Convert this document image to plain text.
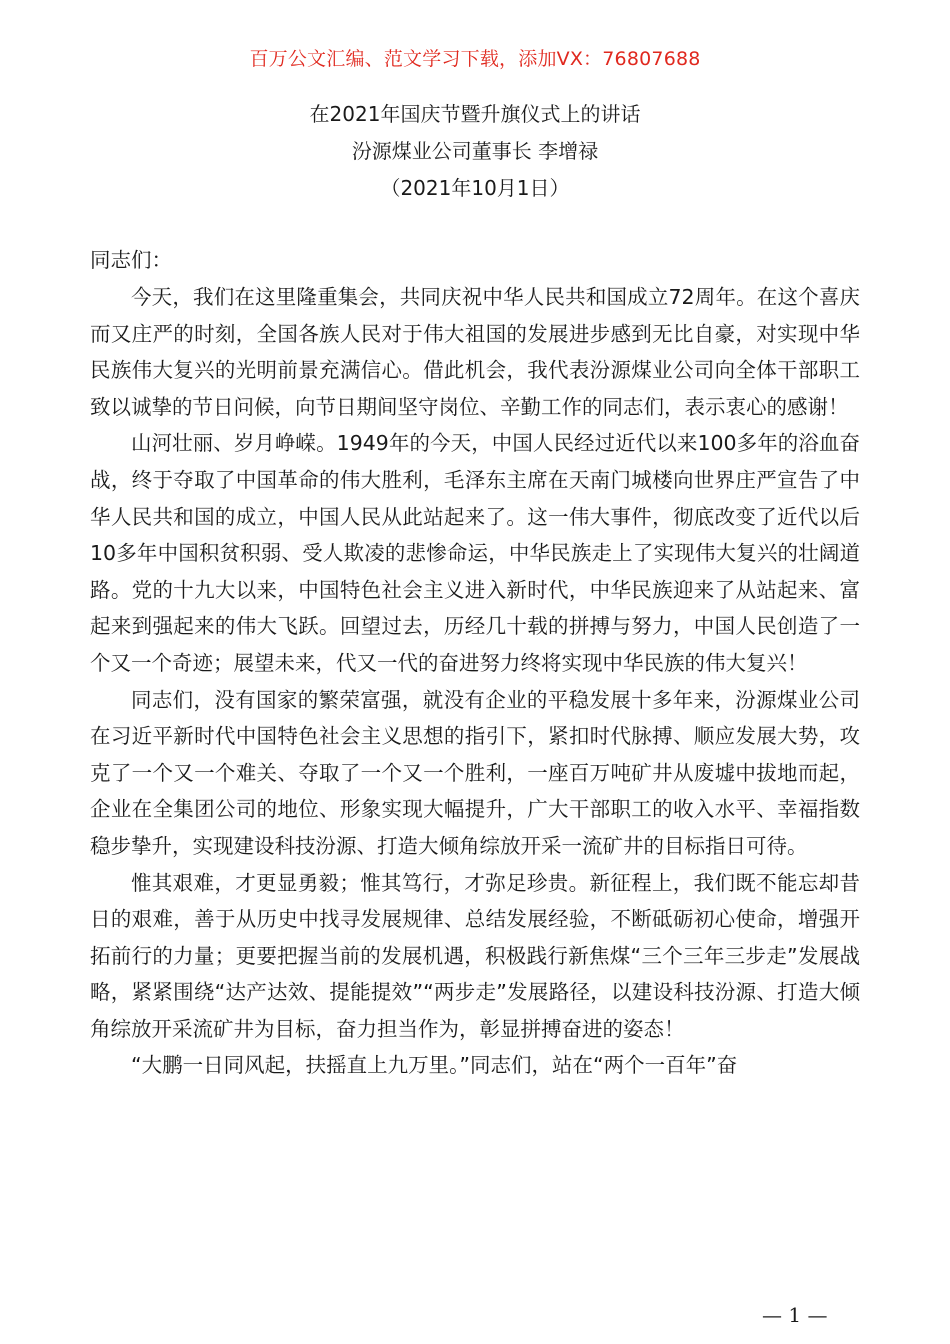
百万公文汇编、范文学习下载，添加VX：76807688
在2021年国庆节暨升旗仪式上的讲话
汾源煤业公司董事长 李增禄
（2021年10月1日）
同志们：

今天，我们在这里隆重集会，共同庆祝中华人民共和国成立72周年。在这个喜庆而又庄严的时刻，全国各族人民对于伟大祖国的发展进步感到无比自豪，对实现中华民族伟大复兴的光明前景充满信心。借此机会，我代表汾源煤业公司向全体干部职工致以诚挚的节日问候，向节日期间坚守岗位、辛勤工作的同志们，表示衷心的感谢！

山河壮丽、岁月峥嵘。1949年的今天，中国人民经过近代以来100多年的浴血奋战，终于夺取了中国革命的伟大胜利，毛泽东主席在天南门城楼向世界庄严宣告了中华人民共和国的成立，中国人民从此站起来了。这一伟大事件，彻底改变了近代以后10多年中国积贫积弱、受人欺凌的悲惨命运，中华民族走上了实现伟大复兴的壮阔道路。党的十九大以来，中国特色社会主义进入新时代，中华民族迎来了从站起来、富起来到强起来的伟大飞跃。回望过去，历经几十载的拼搏与努力，中国人民创造了一个又一个奇迹；展望未来，代又一代的奋进努力终将实现中华民族的伟大复兴！

同志们，没有国家的繁荣富强，就没有企业的平稳发展十多年来，汾源煤业公司在习近平新时代中国特色社会主义思想的指引下，紧扣时代脉搏、顺应发展大势，攻克了一个又一个难关、夺取了一个又一个胜利，一座百万吨矿井从废墟中拔地而起，企业在全集团公司的地位、形象实现大幅提升，广大干部职工的收入水平、幸福指数稳步挚升，实现建设科技汾源、打造大倾角综放开采一流矿井的目标指日可待。

惟其艰难，才更显勇毅；惟其笃行，才弥足珍贵。新征程上，我们既不能忘却昔日的艰难，善于从历史中找寻发展规律、总结发展经验，不断砥砺初心使命，增强开拓前行的力量；更要把握当前的发展机遇，积极践行新焦煤“三个三年三步走”发展战略，紧紧围绕“达产达效、提能提效”“两步走”发展路径，以建设科技汾源、打造大倾角综放开采流矿井为目标，奋力担当作为，彰显拼搏奋进的姿态！

“大鹏一日同风起，扶摇直上九万里。”同志们，站在“两个一百年”奋

— 1 —
